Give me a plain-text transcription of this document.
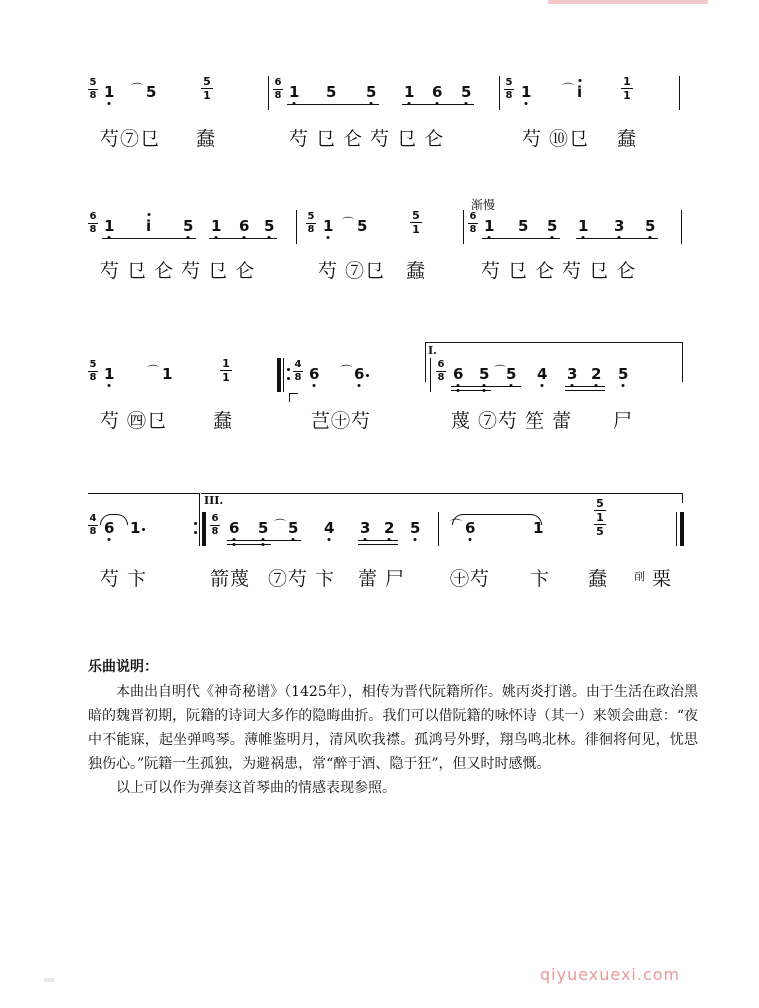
5
8 1 ⌒ 5
5
1
6
8 1 5 5 1 6 5
5
8 1	⌒ i
1
1
芍⑦㔾 蠢	芍 㔾 仑 芍 㔾 仑	芍 ⑩㔾 蠢
渐慢
6
8 1 i 5 1 6 5
5
8 1 ⌒ 5
5
1
6
8 1 5 5 1 3 5
芍 㔾 仑 芍 㔾 仑	芍 ⑦㔾 蠢	芍 㔾 仑 芍 㔾 仑
I.
5
8 1	⌒ 1
1
1
4
8 6 ⌒ 6
6
8 6 5 ⌒ 5 4 3 2 5
芍 ㊃㔾 蠢	芑㊉芍	蔑 ⑦芍 笙 蕾 尸
III.
4
8 6 1
6
8 6 5 ⌒ 5 4 3 2 5 ⌒ 6	1
5
1
5
芍 卞	箭蔑 ⑦芍 卞 蕾 尸 ㊉芍 卞 蠢 㓦 栗
乐曲说明：

本曲出自明代《神奇秘谱》（1425年），相传为晋代阮籍所作。姚丙炎打谱。由于生活在政治黑暗的魏晋初期，阮籍的诗词大多作的隐晦曲折。我们可以借阮籍的咏怀诗（其一）来领会曲意：“夜中不能寐，起坐弹鸣琴。薄帷鉴明月，清风吹我襟。孤鸿号外野，翔鸟鸣北林。徘徊将何见，忧思独伤心。”阮籍一生孤独，为避祸患，常“醉于酒、隐于狂”，但又时时感慨。

以上可以作为弹奏这首琴曲的情感表现参照。

qiyuexuexi.com
